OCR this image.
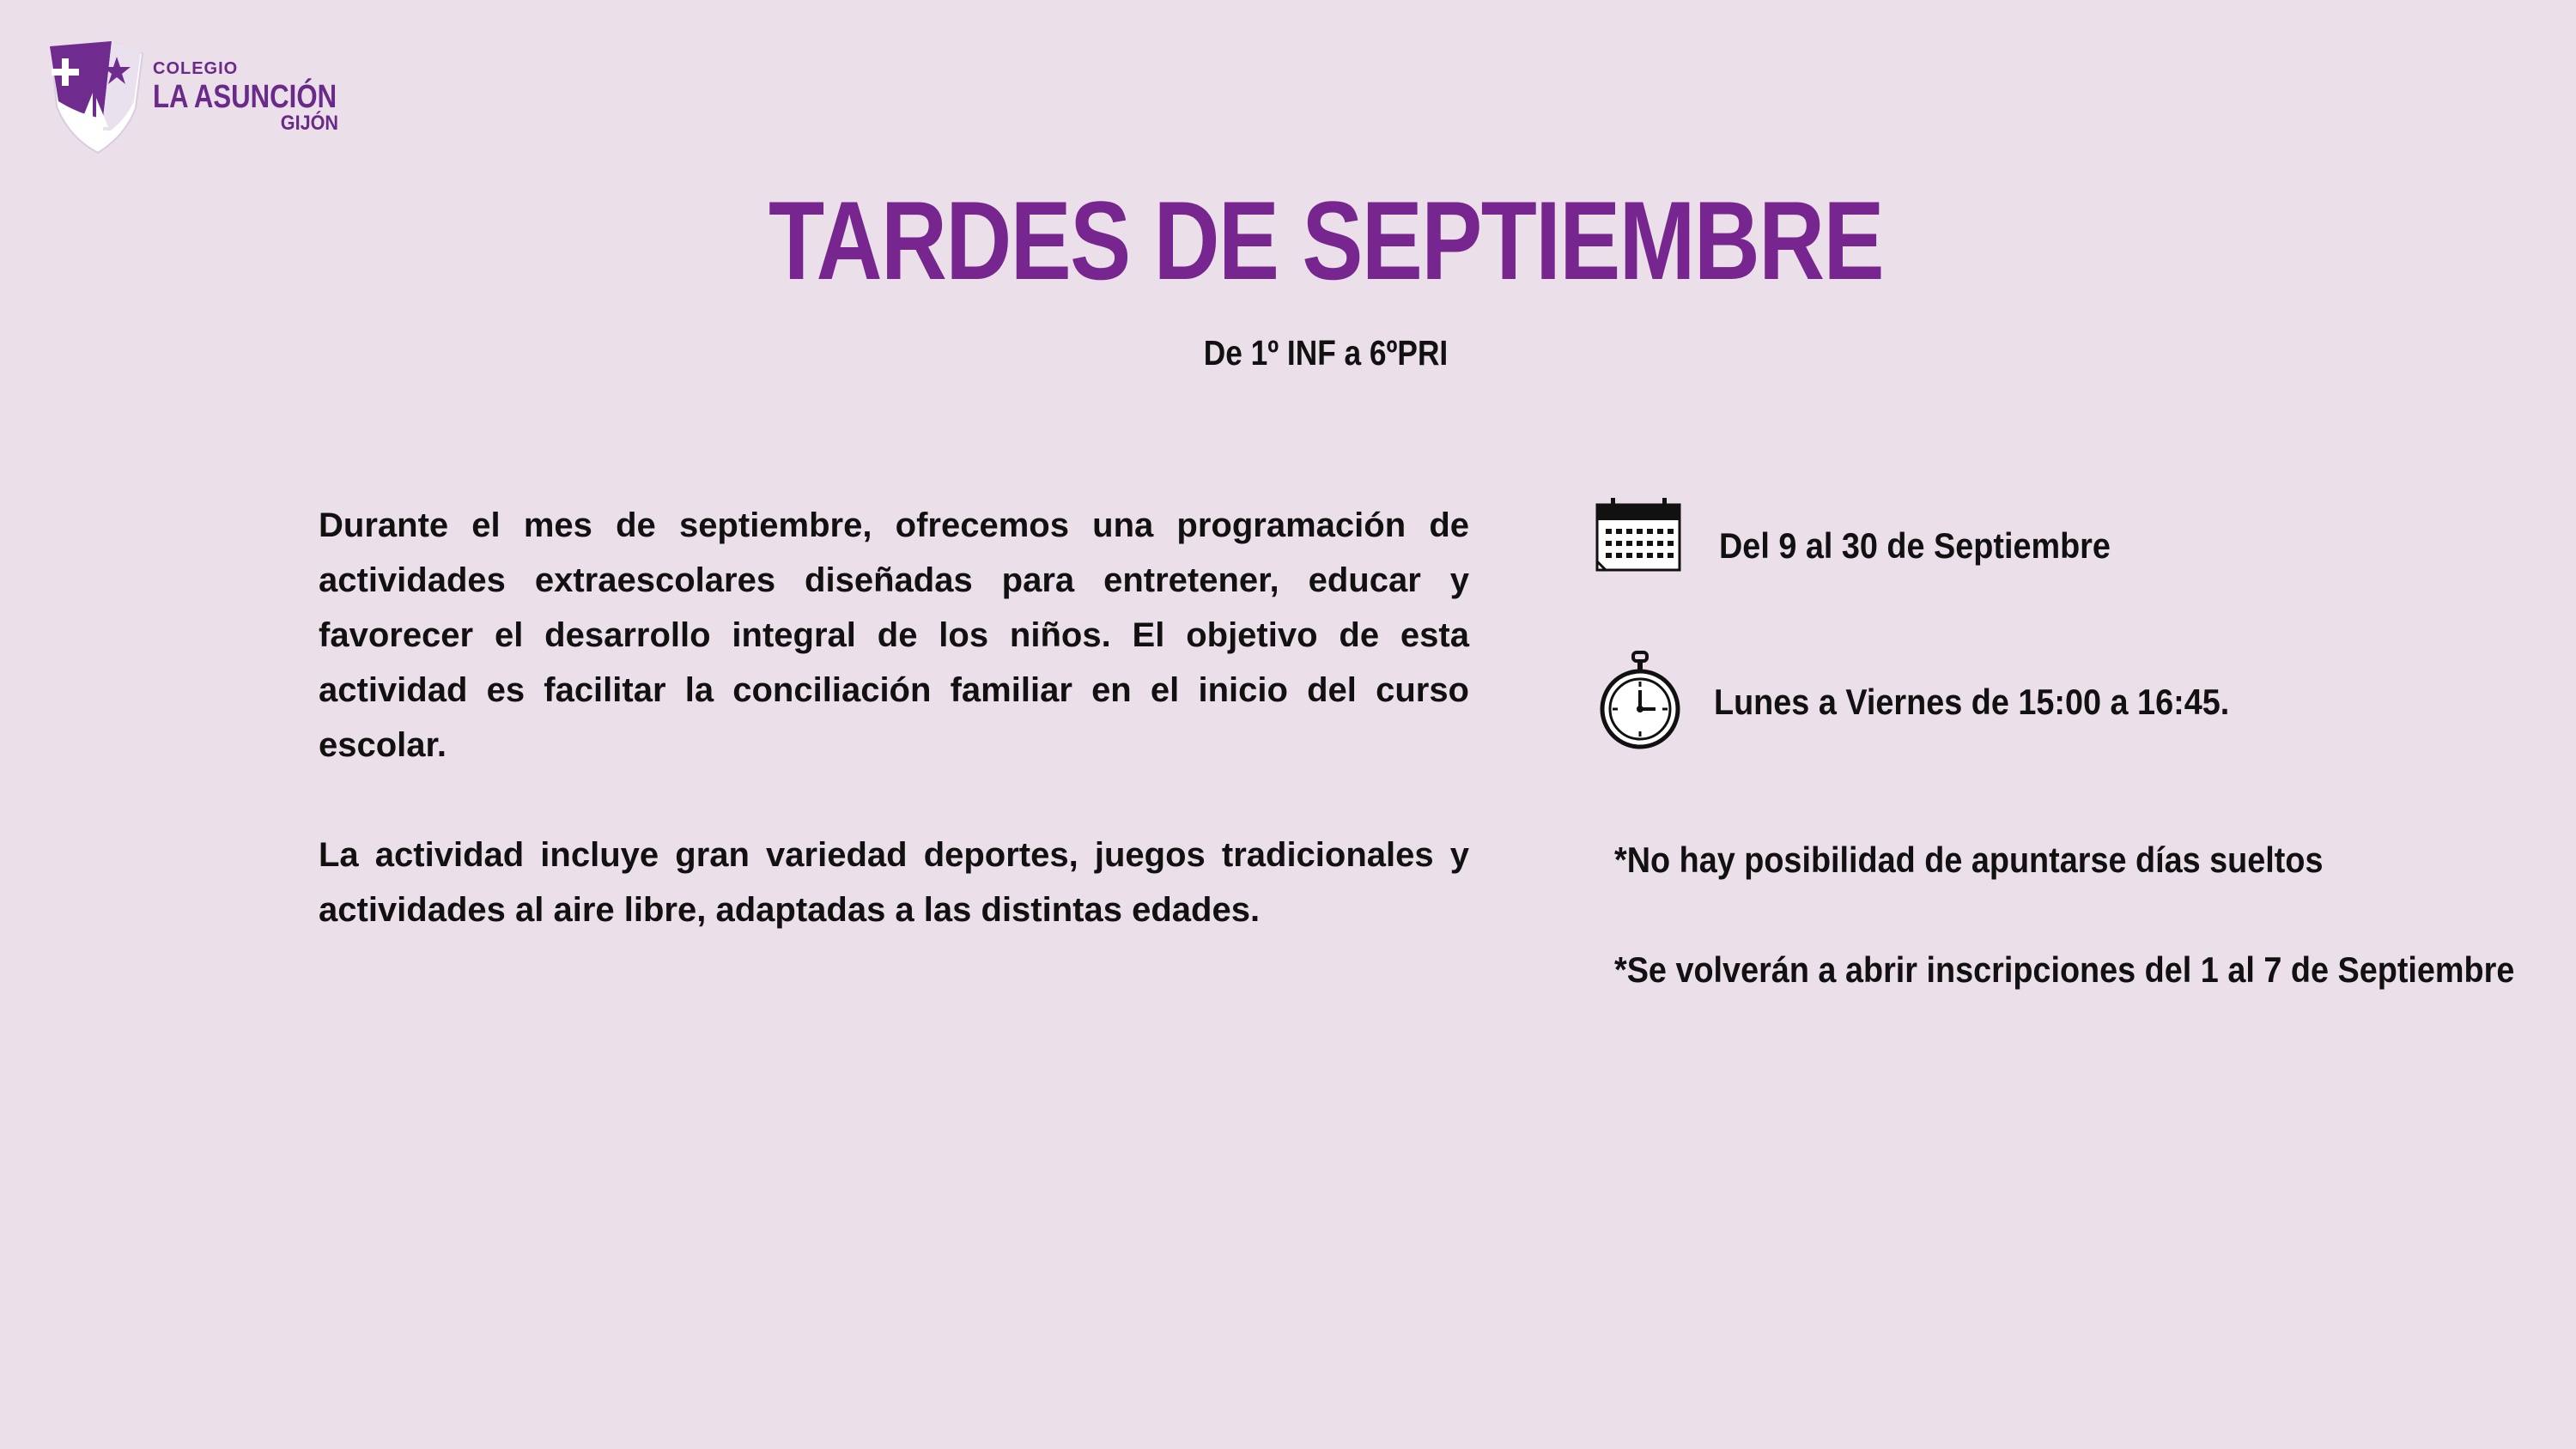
COLEGIO
LA ASUNCIÓN
GIJÓN
TARDES DE SEPTIEMBRE
De 1º INF a 6ºPRI

Durante el mes de septiembre, ofrecemos una programación de actividades extraescolares diseñadas para entretener, educar y favorecer el desarrollo integral de los niños. El objetivo de esta actividad es facilitar la conciliación familiar en el inicio del curso escolar.

La actividad incluye gran variedad deportes, juegos tradicionales y actividades al aire libre, adaptadas a las distintas edades.

Del 9 al 30 de Septiembre
Lunes a Viernes de 15:00 a 16:45.
*No hay posibilidad de apuntarse días sueltos
*Se volverán a abrir inscripciones del 1 al 7 de Septiembre
